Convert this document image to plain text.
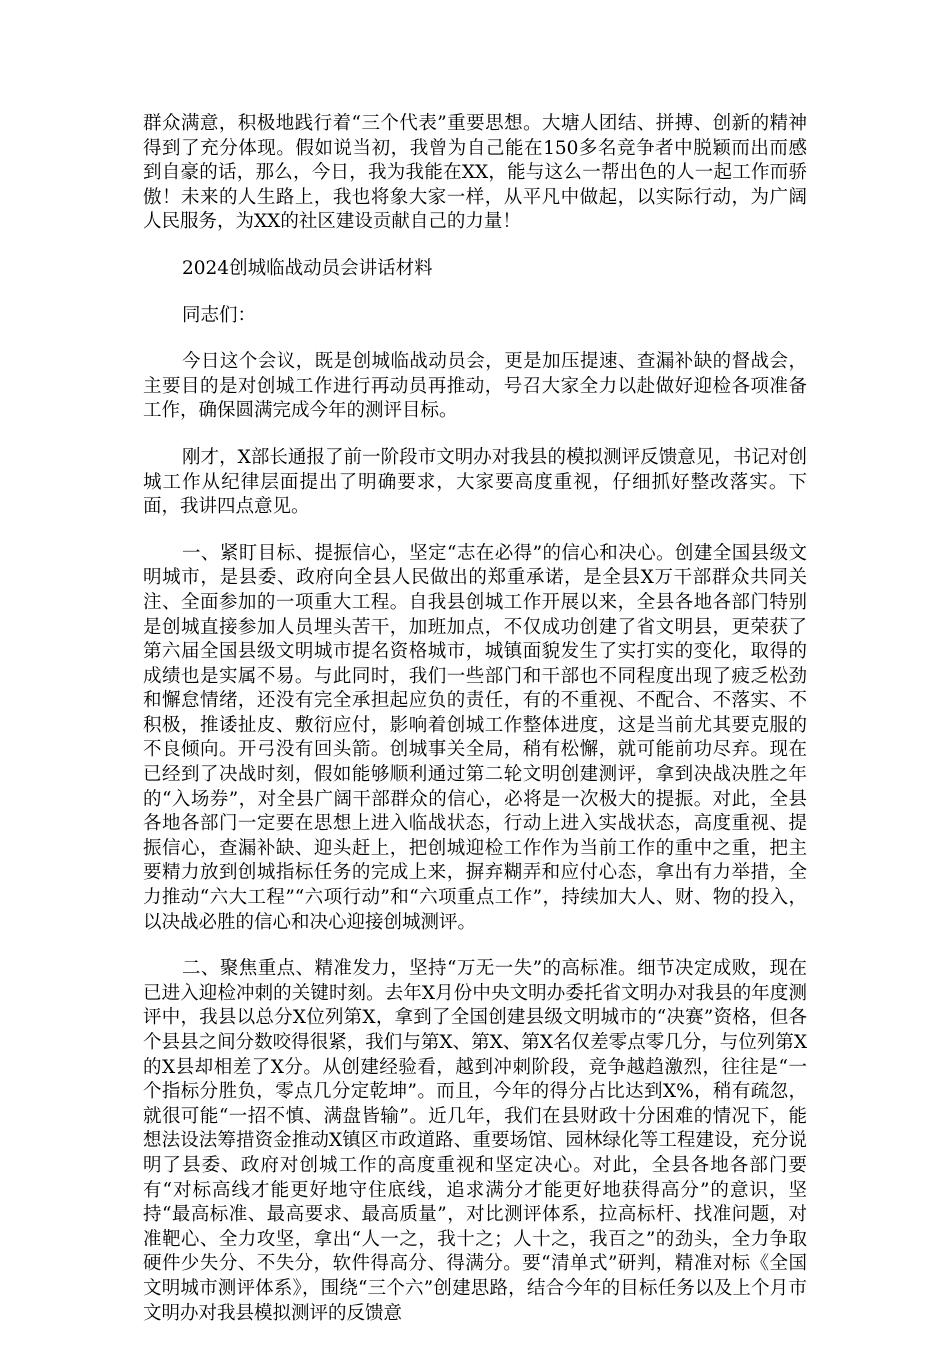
群众满意，积极地践行着“三个代表”重要思想。大塘人团结、拼搏、创新的精神得到了充分体现。假如说当初，我曾为自己能在150多名竞争者中脱颖而出而感到自豪的话，那么，今日，我为我能在XX，能与这么一帮出色的人一起工作而骄傲！未来的人生路上，我也将象大家一样，从平凡中做起，以实际行动，为广阔人民服务，为XX的社区建设贡献自己的力量！

2024创城临战动员会讲话材料

同志们：

今日这个会议，既是创城临战动员会，更是加压提速、查漏补缺的督战会，主要目的是对创城工作进行再动员再推动，号召大家全力以赴做好迎检各项准备工作，确保圆满完成今年的测评目标。

刚才，X部长通报了前一阶段市文明办对我县的模拟测评反馈意见，书记对创城工作从纪律层面提出了明确要求，大家要高度重视，仔细抓好整改落实。下面，我讲四点意见。

一、紧盯目标、提振信心，坚定“志在必得”的信心和决心。创建全国县级文明城市，是县委、政府向全县人民做出的郑重承诺，是全县X万干部群众共同关注、全面参加的一项重大工程。自我县创城工作开展以来，全县各地各部门特别是创城直接参加人员埋头苦干，加班加点，不仅成功创建了省文明县，更荣获了第六届全国县级文明城市提名资格城市，城镇面貌发生了实打实的变化，取得的成绩也是实属不易。与此同时，我们一些部门和干部也不同程度出现了疲乏松劲和懈怠情绪，还没有完全承担起应负的责任，有的不重视、不配合、不落实、不积极，推诿扯皮、敷衍应付，影响着创城工作整体进度，这是当前尤其要克服的不良倾向。开弓没有回头箭。创城事关全局，稍有松懈，就可能前功尽弃。现在已经到了决战时刻，假如能够顺利通过第二轮文明创建测评，拿到决战决胜之年的“入场券”，对全县广阔干部群众的信心，必将是一次极大的提振。对此，全县各地各部门一定要在思想上进入临战状态，行动上进入实战状态，高度重视、提振信心，查漏补缺、迎头赶上，把创城迎检工作作为当前工作的重中之重，把主要精力放到创城指标任务的完成上来，摒弃糊弄和应付心态，拿出有力举措，全力推动“六大工程”“六项行动”和“六项重点工作”，持续加大人、财、物的投入，以决战必胜的信心和决心迎接创城测评。

二、聚焦重点、精准发力，坚持“万无一失”的高标准。细节决定成败，现在已进入迎检冲刺的关键时刻。去年X月份中央文明办委托省文明办对我县的年度测评中，我县以总分X位列第X，拿到了全国创建县级文明城市的“决赛”资格，但各个县县之间分数咬得很紧，我们与第X、第X、第X名仅差零点零几分，与位列第X的X县却相差了X分。从创建经验看，越到冲刺阶段，竞争越趋激烈，往往是“一个指标分胜负，零点几分定乾坤”。而且，今年的得分占比达到X%，稍有疏忽，就很可能“一招不慎、满盘皆输”。近几年，我们在县财政十分困难的情况下，能想法设法筹措资金推动X镇区市政道路、重要场馆、园林绿化等工程建设，充分说明了县委、政府对创城工作的高度重视和坚定决心。对此，全县各地各部门要有“对标高线才能更好地守住底线，追求满分才能更好地获得高分”的意识，坚持“最高标准、最高要求、最高质量”，对比测评体系，拉高标杆、找准问题，对准靶心、全力攻坚，拿出“人一之，我十之；人十之，我百之”的劲头，全力争取硬件少失分、不失分，软件得高分、得满分。要“清单式”研判，精准对标《全国文明城市测评体系》，围绕“三个六”创建思路，结合今年的目标任务以及上个月市文明办对我县模拟测评的反馈意
